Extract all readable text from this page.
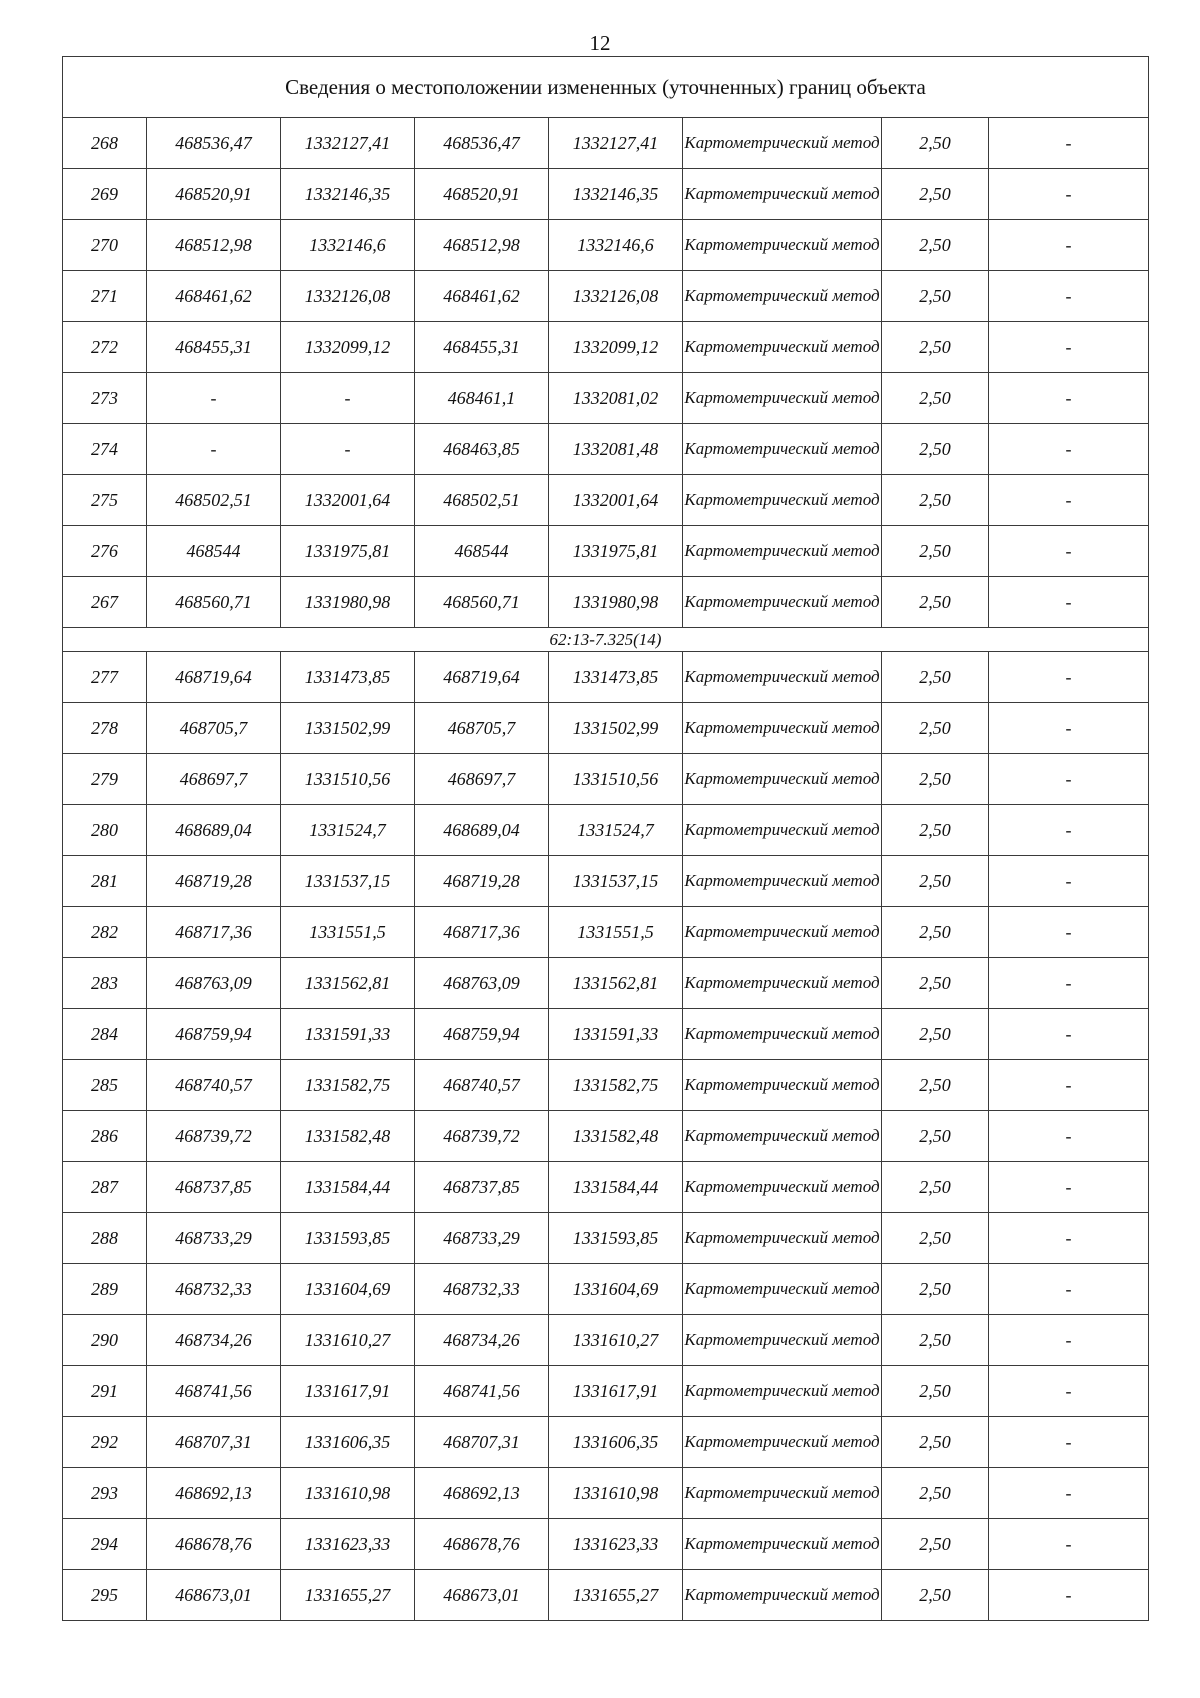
12
Сведения о местоположении измененных (уточненных) границ объекта							
268	468536,47	1332127,41	468536,47	1332127,41	Картометрический метод	2,50	-
269	468520,91	1332146,35	468520,91	1332146,35	Картометрический метод	2,50	-
270	468512,98	1332146,6	468512,98	1332146,6	Картометрический метод	2,50	-
271	468461,62	1332126,08	468461,62	1332126,08	Картометрический метод	2,50	-
272	468455,31	1332099,12	468455,31	1332099,12	Картометрический метод	2,50	-
273	-	-	468461,1	1332081,02	Картометрический метод	2,50	-
274	-	-	468463,85	1332081,48	Картометрический метод	2,50	-
275	468502,51	1332001,64	468502,51	1332001,64	Картометрический метод	2,50	-
276	468544	1331975,81	468544	1331975,81	Картометрический метод	2,50	-
267	468560,71	1331980,98	468560,71	1331980,98	Картометрический метод	2,50	-
62:13-7.325(14)							
277	468719,64	1331473,85	468719,64	1331473,85	Картометрический метод	2,50	-
278	468705,7	1331502,99	468705,7	1331502,99	Картометрический метод	2,50	-
279	468697,7	1331510,56	468697,7	1331510,56	Картометрический метод	2,50	-
280	468689,04	1331524,7	468689,04	1331524,7	Картометрический метод	2,50	-
281	468719,28	1331537,15	468719,28	1331537,15	Картометрический метод	2,50	-
282	468717,36	1331551,5	468717,36	1331551,5	Картометрический метод	2,50	-
283	468763,09	1331562,81	468763,09	1331562,81	Картометрический метод	2,50	-
284	468759,94	1331591,33	468759,94	1331591,33	Картометрический метод	2,50	-
285	468740,57	1331582,75	468740,57	1331582,75	Картометрический метод	2,50	-
286	468739,72	1331582,48	468739,72	1331582,48	Картометрический метод	2,50	-
287	468737,85	1331584,44	468737,85	1331584,44	Картометрический метод	2,50	-
288	468733,29	1331593,85	468733,29	1331593,85	Картометрический метод	2,50	-
289	468732,33	1331604,69	468732,33	1331604,69	Картометрический метод	2,50	-
290	468734,26	1331610,27	468734,26	1331610,27	Картометрический метод	2,50	-
291	468741,56	1331617,91	468741,56	1331617,91	Картометрический метод	2,50	-
292	468707,31	1331606,35	468707,31	1331606,35	Картометрический метод	2,50	-
293	468692,13	1331610,98	468692,13	1331610,98	Картометрический метод	2,50	-
294	468678,76	1331623,33	468678,76	1331623,33	Картометрический метод	2,50	-
295	468673,01	1331655,27	468673,01	1331655,27	Картометрический метод	2,50	-
